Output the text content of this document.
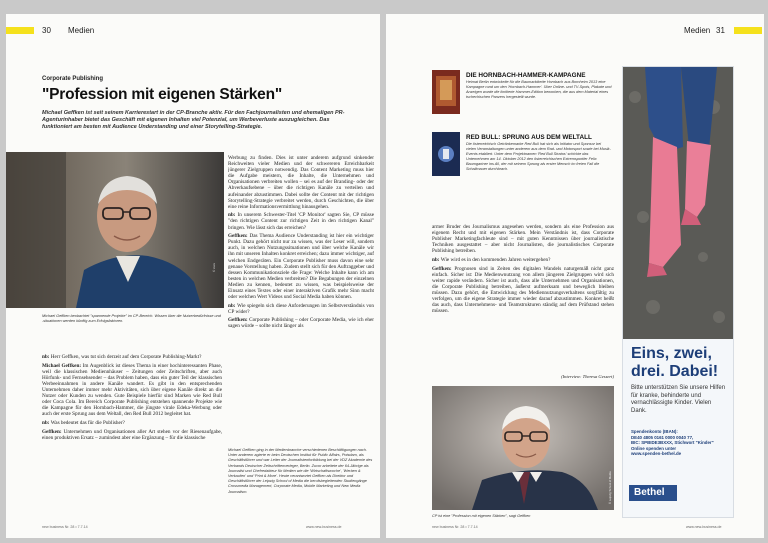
30 Medien
Corporate Publishing
"Profession mit eigenen Stärken"
Michael Geffken ist seit seinem Karrierestart in der CP-Branche aktiv. Für den Fachjournalisten und ehemaligen PR-Agenturinhaber bietet das Geschäft mit eigenen Inhalten viel Potenzial, um Werbeverluste auszugleichen. Das funktioniert am besten mit Audience Understanding und einer Storytelling-Strategie.
© xxxx
Michael Geffken beobachtet "spannende Projekte" im CP-Bereich. Wissen über die Nutzerbedürfnisse und -situationen werden künftig zum Erfolgsfaktoren.

nb: Herr Geffken, was tut sich derzeit auf dem Corporate Publishing-Markt?

Michael Geffken: Im Augenblick ist dieses Thema in einer hochinteressanten Phase, weil die klassischen Mediennhäuser – Zeitungen oder Zeitschriften, aber auch Hörfunk- und Fernsehsender – das Problem haben, dass ein guter Teil der klassischen Werbeeinnahmen in andere Kanäle wandert. Es gibt in den entsprechenden Unternehmen daher immer mehr Aktivitäten, sich über eigene Kanäle direkt an die Nutzer oder Kunden zu wenden. Gute Beispiele hierfür sind Marken wie Red Bull oder Coca Cola. Im Bereich Corporate Publishing entstehen spannende Projekte wie die Kampagne für den Hornbach-Hammer, die jüngste virale Edeka-Werbung oder auch der erste Sprung aus dem Weltall, den Red Bull 2012 begleitet hat.

nb: Was bedeutet das für die Publisher?

Geffken: Unternehmen und Organisationen aller Art stehen vor der Riesenaufgabe, einen produktiven Ersatz – zumindest aber eine Ergänzung – für die klassische

Werbung zu finden. Dies ist unter anderem aufgrund sinkender Reichweiten vieler Medien und der schwereren Erreichbarkeit jüngerer Zielgruppen notwendig. Das Content Marketing muss hier die Aufgabe meistern, die Inhalte, die Unternehmen und Organisationen verbreiten wollen – sei es auf der Branding- oder der Abverkaufsebene – über die richtigen Kanäle zu verteilen und aufeinander abzustimmen. Dabei sollte der Content mit der richtigen Storytelling-Strategie verbreitet werden, durch Geschichten, die über eine reine Informationsvermittlung hinausgehen.

nb: In unserem Schwester-Titel 'CP Monitor' sagten Sie, CP müsse "den richtigen Content zur richtigen Zeit in den richtigen Kanal" bringen. Wie lässt sich das erreichen?

Geffken: Das Thema Audience Understanding ist hier ein wichtiger Punkt. Dazu gehört nicht nur zu wissen, was der Leser will, sondern auch, in welchen Nutzungssituationen und über welche Kanäle wir ihn mit unseren Inhalten konkret erreichen; dazu immer wichtiger, auf welchen Endgeräten. Ein Corporate Publisher muss davon eine sehr genaue Vorstellung haben. Zudem stellt sich für den Auftraggeber und dessen Kommunikationsziele die Frage: Welche Inhalte kann ich am besten in welchen Medien verbreiten? Die Begabungen der einzelnen Medien zu kennen, bedeutet zu wissen, was beispielsweise der Einsatz eines Textes oder einer interaktiven Grafik mehr Sinn macht oder welchen Wert Videos und Social Media haben können.

nb: Wie spiegeln sich diese Anforderungen im Selbstverständnis von CP wider?

Geffken: Corporate Publishing – oder Corporate Media, wie ich eher sagen würde – sollte nicht länger als

Michael Geffken ging in der Medienbranche verschiedenen Beschäftigungen nach. Unter anderem agierte er beim Deutschen Institut für Public Affairs, Potsdam, als Geschäftsführer und war Leiter der Journalistenfortbildung bei der VDZ Akademie des Verbands Deutscher Zeitschriftenverleger, Berlin. Zuvor arbeitete der 64-Jährige als Journalist und Chefredakteur für Medien wie die 'Wirtschaftswoche', 'Werben & Verkaufen' und 'Print & More'. Heute verantwortet Geffken als Direktor und Geschäftsführer der Leipzig School of Media die berufsbegleitenden Studiengänge Crossmedia Management, Corporate Media, Mobile Marketing und New Media Journalism.
new business Nr. 28 • 7.7.14	www.new-business.de
Medien 31
DIE HORNBACH-HAMMER-KAMPAGNE
Heimat Berlin entwickelte für die Baumarktkette Hornbach aus Bornheim 2013 eine Kampagne rund um den 'Hornbach-Hammer'. Über Online- und TV-Spots, Plakate und Anzeigen wurde die limitierte Hammer-Edition beworben, die aus dem Material eines tschechischen Panzers hergestellt wurde.
RED BULL: SPRUNG AUS DEM WELTALL
Die österreichisch Getränkemarke Red Bull hat sich als Initiator und Sponsor bei vielen Veranstaltungen unter anderem aus dem Rad- und Motorsport sowie bei Musik-Events etabliert. Unter dem Projektnamen 'Red Bull Stratos' schickte das Unternehmen am 14. Oktober 2012 den österreichischen Extremsportler Felix Baumgartner ins All, der mit seinem Sprung als erster Mensch im freien Fall die Schallmauer durchbrach.

armer Bruder des Journalismus angesehen werden, sondern als eine Profession aus eigenem Recht und mit eigenen Stärken. Mein Verständnis ist, dass Corporate Publisher Marketingfachleute sind – mit guten Kenntnissen über journalistische Techniken ausgestattet – aber nicht Journalisten, die journalistisches Corporate Publishing betreiben.

nb: Wie wird es in den kommenden Jahren weitergehen?

Geffken: Prognosen sind in Zeiten des digitalen Wandels naturgemäß nicht ganz einfach. Sicher ist: Die Medienwnutzung von allem jüngeren Zielgruppen wird sich weiter rapide verändern. Sicher ist auch, dass alle Unternehmen und Organisationen, die Corporate Publishing betreiben, äußerst aufmerksam und beweglich bleiben müssen. Dazu gehört, die Entwicklung des Mediennutzungsverhaltens sorgfältig zu verfolgen, um die eigene Strategie immer wieder darauf abzustimmen. Konkret heißt das auch, dass Unternehmens- und Teamstrukturen ständig auf dem Prüfstand stehen müssen.

(Interview: Theresa Gessert)
© Leipzig School of Media
CP ist eine "Profession mit eigenen Stärken", sagt Geffken
Eins, zwei,
drei. Dabei!
Bitte unterstützen Sie unsere Hilfen für kranke, behinderte und vernachlässigte Kinder. Vielen Dank.
Spendenkonto (IBAN):
DE40 4805 0161 0000 0040 77,
BIC: SPBIDE3BXXX, Stichwort "Kinder"
Online spenden unter
www.spenden-bethel.de
Bethel
new business Nr. 28 • 7.7.14	www.new-business.de
